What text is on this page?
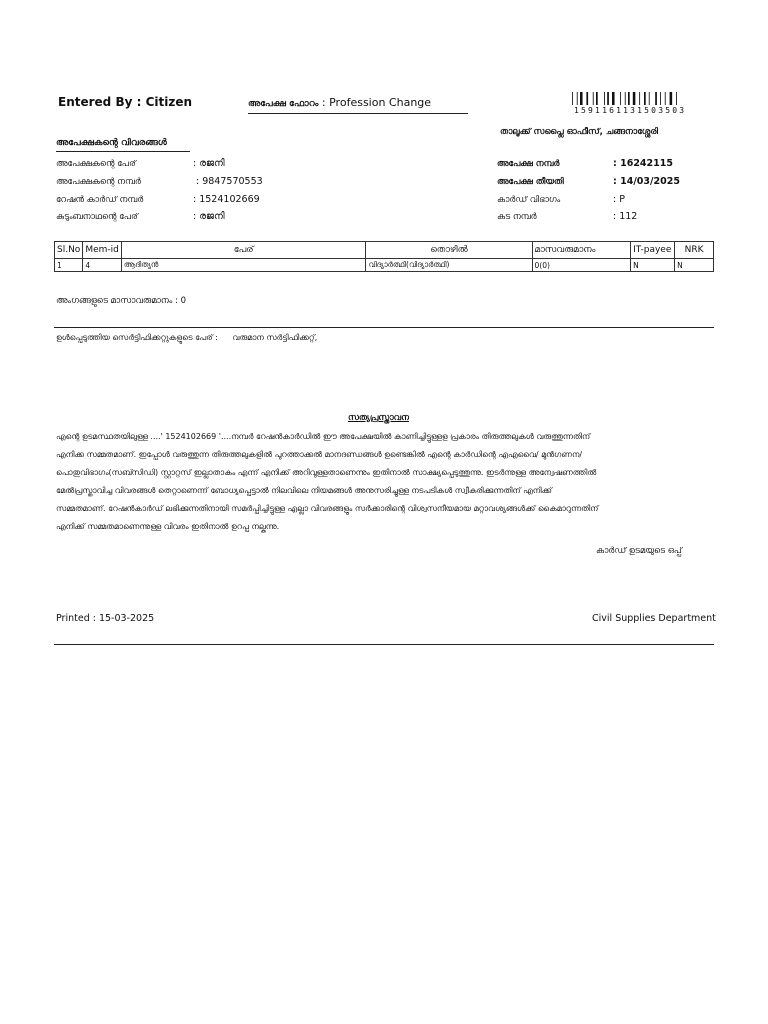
Entered By : Citizen	അപേക്ഷ ഫോറം : Profession Change
1591161131503503
താലൂക്ക് സപ്ലൈ ഓഫീസ്, ചങ്ങനാശ്ശേരി
അപേക്ഷകന്റെ വിവരങ്ങൾ
അപേക്ഷകന്റെ പേര്	: രജനി
അപേക്ഷകന്റെ നമ്പർ	: 9847570553
റേഷൻ കാർഡ് നമ്പർ	: 1524102669
കുടുംബനാഥന്റെ പേര്	: രജനി
അപേക്ഷ നമ്പർ	: 16242115
അപേക്ഷ തീയതി	: 14/03/2025
കാർഡ് വിഭാഗം	: P
കട നമ്പർ	: 112
Sl.No	Mem-id	പേര്	തൊഴിൽ	മാസവരുമാനം	IT-payee	NRK
1	4	ആദിത്യൻ	വിദ്യാർത്ഥി(വിദ്യാർത്ഥി)	0(0)	N	N
അംഗങ്ങളുടെ മാസാവരുമാനം : 0
ഉൾപ്പെടുത്തിയ സെർട്ടിഫിക്കറ്റുകളുടെ പേര് : വരുമാന സർട്ടിഫിക്കറ്റ്,
സത്യപ്രസ്താവന

എന്റെ ഉടമസ്ഥതയിലുള്ള ....' 1524102669 '....നമ്പർ റേഷൻകാർഡിൽ ഈ അപേക്ഷയിൽ കാണിച്ചിട്ടുള്ളള പ്രകാരം തിരുത്തലുകൾ വരുത്തുന്നതിന്

എനിക്ക സമ്മതമാണ്. ഇപ്പോൾ വരുത്തുന്ന തിരുത്തലുകളിൽ പുറത്താക്കൽ മാനദണ്ഡങ്ങൾ ഉണ്ടെങ്കിൽ എന്റെ കാർഡിന്റെ എഎവൈ/ മുൻഗണന/

പൊതുവിഭാഗം(സബ്സിഡി) സ്റ്റാറ്റസ് ഇല്ലാതാകം എന്ന് എനിക്ക് അറിവുള്ളതാണെന്നും ഇതിനാൽ സാക്ഷ്യപ്പെടുത്തുന്നു. ഇടർന്നുള്ള അന്വേഷണത്തിൽ

മേൽപ്രസ്താവിച്ച വിവരങ്ങൾ തെറ്റാണെന്ന് ബോധ്യപ്പെട്ടാൽ നിലവിലെ നിയമങ്ങൾ അനുസരിച്ചുള്ള നടപടികൾ സ്വീകരിക്കുന്നതിന് എനിക്ക്

സമ്മതമാണ്. റേഷൻകാർഡ് ലഭിക്കുന്നതിനായി സമർപ്പിച്ചിട്ടുള്ള എല്ലാ വിവരങ്ങളും സർക്കാരിന്റെ വിശ്വസനീയമായ മറ്റാവശ്യങ്ങൾക്ക് കൈമാറുന്നതിന്

എനിക്ക് സമ്മതമാണെന്നുള്ള വിവരം ഇതിനാൽ ഉറപ്പ നല്കുന്നു.

കാർഡ് ഉടമയുടെ ഒപ്പ്
Printed : 15-03-2025	Civil Supplies Department
